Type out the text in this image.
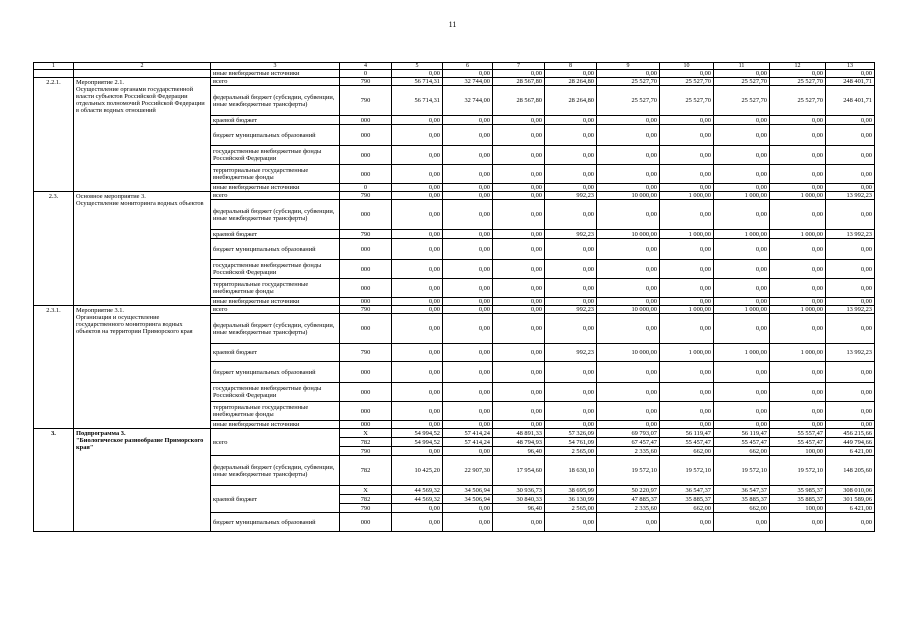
11
1	2	3	4	5	6	7	8	9	10	11	12	13
		иные внебюджетные источники	0	0,00	0,00	0,00	0,00	0,00	0,00	0,00	0,00	0,00
2.2.1.	Мероприятие 2.1.
Осуществление органами государственной власти субъектов Российской Федерации отдельных полномочий Российской Федерации в области водных отношений	всего	790	56 714,31	32 744,00	28 567,80	28 264,80	25 527,70	25 527,70	25 527,70	25 527,70	248 401,71
		федеральный бюджет (субсидии, субвенции, иные межбюджетные трансферты)	790	56 714,31	32 744,00	28 567,80	28 264,80	25 527,70	25 527,70	25 527,70	25 527,70	248 401,71
		краевой бюджет	000	0,00	0,00	0,00	0,00	0,00	0,00	0,00	0,00	0,00
		бюджет муниципальных образований	000	0,00	0,00	0,00	0,00	0,00	0,00	0,00	0,00	0,00
		государственные внебюджетные фонды Российской Федерации	000	0,00	0,00	0,00	0,00	0,00	0,00	0,00	0,00	0,00
		территориальные государственные внебюджетные фонды	000	0,00	0,00	0,00	0,00	0,00	0,00	0,00	0,00	0,00
		иные внебюджетные источники	0	0,00	0,00	0,00	0,00	0,00	0,00	0,00	0,00	0,00
2.3.	Основное мероприятие 3.
Осуществление мониторинга водных объектов	всего	790	0,00	0,00	0,00	992,23	10 000,00	1 000,00	1 000,00	1 000,00	13 992,23
		федеральный бюджет (субсидии, субвенции, иные межбюджетные трансферты)	000	0,00	0,00	0,00	0,00	0,00	0,00	0,00	0,00	0,00
		краевой бюджет	790	0,00	0,00	0,00	992,23	10 000,00	1 000,00	1 000,00	1 000,00	13 992,23
		бюджет муниципальных образований	000	0,00	0,00	0,00	0,00	0,00	0,00	0,00	0,00	0,00
		государственные внебюджетные фонды Российской Федерации	000	0,00	0,00	0,00	0,00	0,00	0,00	0,00	0,00	0,00
		территориальные государственные внебюджетные фонды	000	0,00	0,00	0,00	0,00	0,00	0,00	0,00	0,00	0,00
		иные внебюджетные источники	000	0,00	0,00	0,00	0,00	0,00	0,00	0,00	0,00	0,00
2.3.1.	Мероприятие 3.1.
Организация и осуществление государственного мониторинга водных объектов на территории Приморского края	всего	790	0,00	0,00	0,00	992,23	10 000,00	1 000,00	1 000,00	1 000,00	13 992,23
		федеральный бюджет (субсидии, субвенции, иные межбюджетные трансферты)	000	0,00	0,00	0,00	0,00	0,00	0,00	0,00	0,00	0,00
		краевой бюджет	790	0,00	0,00	0,00	992,23	10 000,00	1 000,00	1 000,00	1 000,00	13 992,23
		бюджет муниципальных образований	000	0,00	0,00	0,00	0,00	0,00	0,00	0,00	0,00	0,00
		государственные внебюджетные фонды Российской Федерации	000	0,00	0,00	0,00	0,00	0,00	0,00	0,00	0,00	0,00
		территориальные государственные внебюджетные фонды	000	0,00	0,00	0,00	0,00	0,00	0,00	0,00	0,00	0,00
		иные внебюджетные источники	000	0,00	0,00	0,00	0,00	0,00	0,00	0,00	0,00	0,00
3.	Подпрограмма 3.
"Биологическое разнообразие Приморского края"	всего	X	54 994,52	57 414,24	48 891,33	57 326,09	69 793,07	56 119,47	56 119,47	55 557,47	456 215,66
			782	54 994,52	57 414,24	48 794,93	54 761,09	67 457,47	55 457,47	55 457,47	55 457,47	449 794,66
			790	0,00	0,00	96,40	2 565,00	2 335,60	662,00	662,00	100,00	6 421,00
		федеральный бюджет (субсидии, субвенции, иные межбюджетные трансферты)	782	10 425,20	22 907,30	17 954,60	18 630,10	19 572,10	19 572,10	19 572,10	19 572,10	148 205,60
		краевой бюджет	X	44 569,32	34 506,94	30 936,73	38 695,99	50 220,97	36 547,37	36 547,37	35 985,37	308 010,06
			782	44 569,32	34 506,94	30 840,33	36 130,99	47 885,37	35 885,37	35 885,37	35 885,37	301 589,06
			790	0,00	0,00	96,40	2 565,00	2 335,60	662,00	662,00	100,00	6 421,00
		бюджет муниципальных образований	000	0,00	0,00	0,00	0,00	0,00	0,00	0,00	0,00	0,00
